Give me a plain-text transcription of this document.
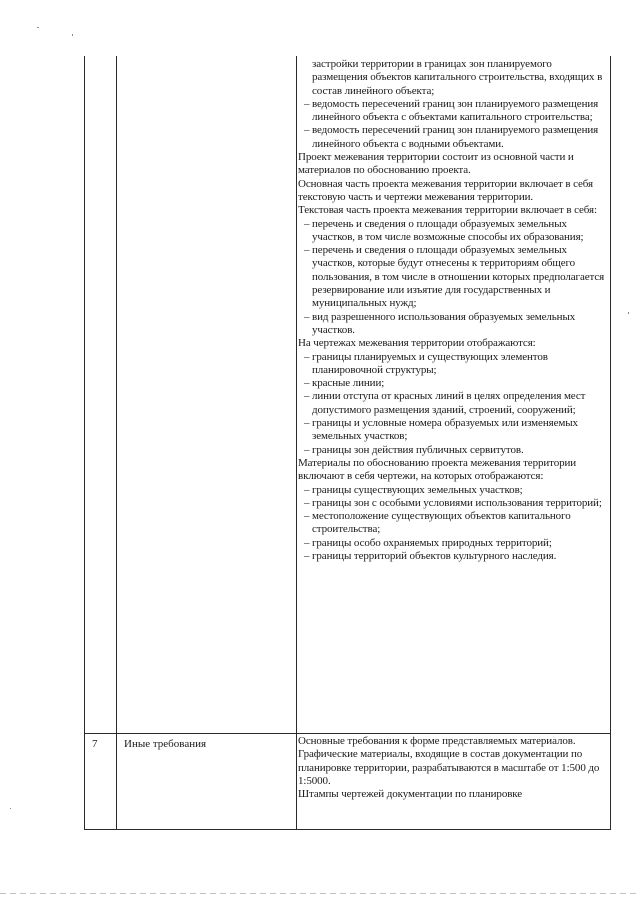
7 Иные требования
застройки территории в границах зон планируемого размещения объектов капитального строительства, входящих в состав линейного объекта;
– ведомость пересечений границ зон планируемого размещения линейного объекта с объектами капитального строительства;
– ведомость пересечений границ зон планируемого размещения линейного объекта с водными объектами.
Проект межевания территории состоит из основной части и материалов по обоснованию проекта.
Основная часть проекта межевания территории включает в себя текстовую часть и чертежи межевания территории.
Текстовая часть проекта межевания территории включает в себя:
– перечень и сведения о площади образуемых земельных участков, в том числе возможные способы их образования;
– перечень и сведения о площади образуемых земельных участков, которые будут отнесены к территориям общего пользования, в том числе в отношении которых предполагается резервирование или изъятие для государственных и муниципальных нужд;
– вид разрешенного использования образуемых земельных участков.
На чертежах межевания территории отображаются:
– границы планируемых и существующих элементов планировочной структуры;
– красные линии;
– линии отступа от красных линий в целях определения мест допустимого размещения зданий, строений, сооружений;
– границы и условные номера образуемых или изменяемых земельных участков;
– границы зон действия публичных сервитутов.
Материалы по обоснованию проекта межевания территории включают в себя чертежи, на которых отображаются:
– границы существующих земельных участков;
– границы зон с особыми условиями использования территорий;
– местоположение существующих объектов капитального строительства;
– границы особо охраняемых природных территорий;
– границы территорий объектов культурного наследия.
Основные требования к форме представляемых материалов.
Графические материалы, входящие в состав документации по планировке территории, разрабатываются в масштабе от 1:500 до 1:5000.
Штампы чертежей документации по планировке
